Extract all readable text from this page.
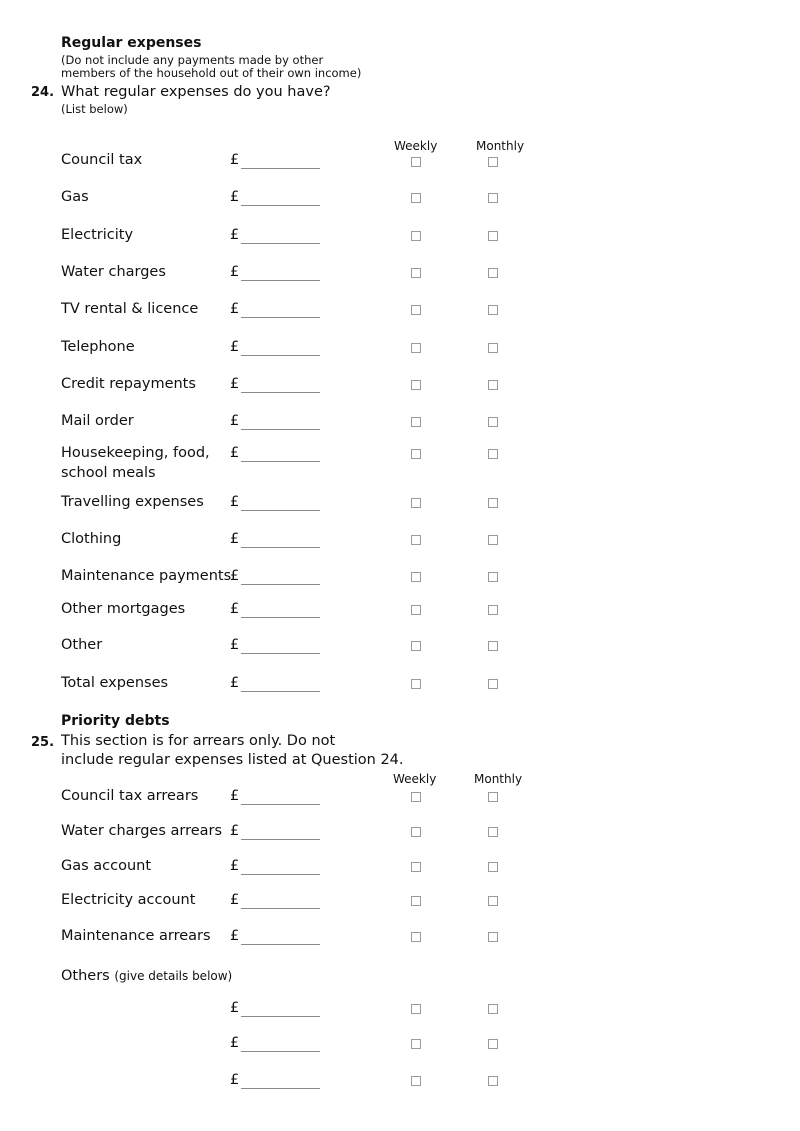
Regular expenses
(Do not include any payments made by other
members of the household out of their own income)
24. What regular expenses do you have?
(List below)
Weekly	Monthly
Council tax	£
Gas	£
Electricity	£
Water charges	£
TV rental & licence £
Telephone	£
Credit repayments £
Mail order	£
Housekeeping, food,
school meals
£
Travelling expenses £
Clothing	£
Maintenance payments
£
Other mortgages	£
Other	£
Total expenses	£
Priority debts
25. This section is for arrears only. Do not
include regular expenses listed at Question 24.
Weekly	Monthly
Council tax arrears £
Water charges arrears £
Gas account	£
Electricity account £
Maintenance arrears £
Others (give details below)
£
£
£
